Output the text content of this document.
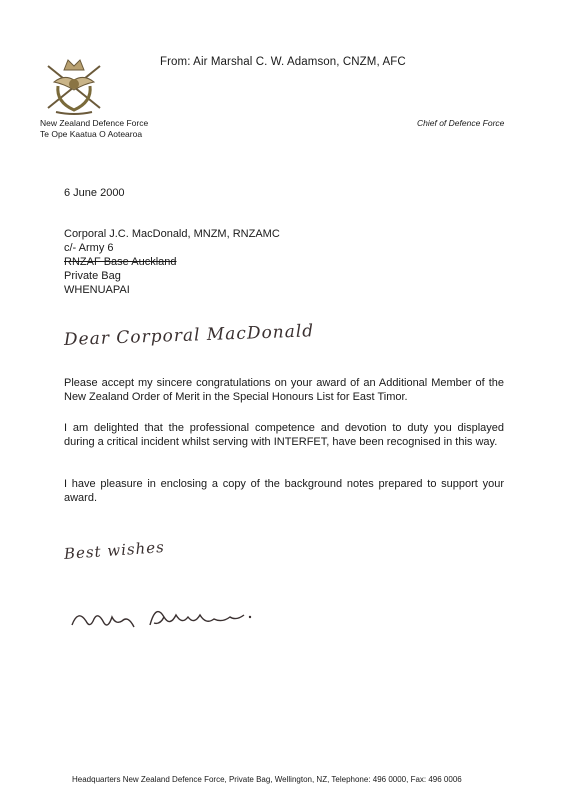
From: Air Marshal C. W. Adamson, CNZM, AFC
New Zealand Defence Force
Te Ope Kaatua O Aotearoa
Chief of Defence Force
6 June 2000
Corporal J.C. MacDonald, MNZM, RNZAMC
c/- Army 6
RNZAF Base Auckland
Private Bag
WHENUAPAI
Dear Corporal MacDonald
Please accept my sincere congratulations on your award of an Additional Member of the New Zealand Order of Merit in the Special Honours List for East Timor.
I am delighted that the professional competence and devotion to duty you displayed during a critical incident whilst serving with INTERFET, have been recognised in this way.
I have pleasure in enclosing a copy of the background notes prepared to support your award.
Best wishes
Headquarters New Zealand Defence Force, Private Bag, Wellington, NZ, Telephone: 496 0000, Fax: 496 0006
